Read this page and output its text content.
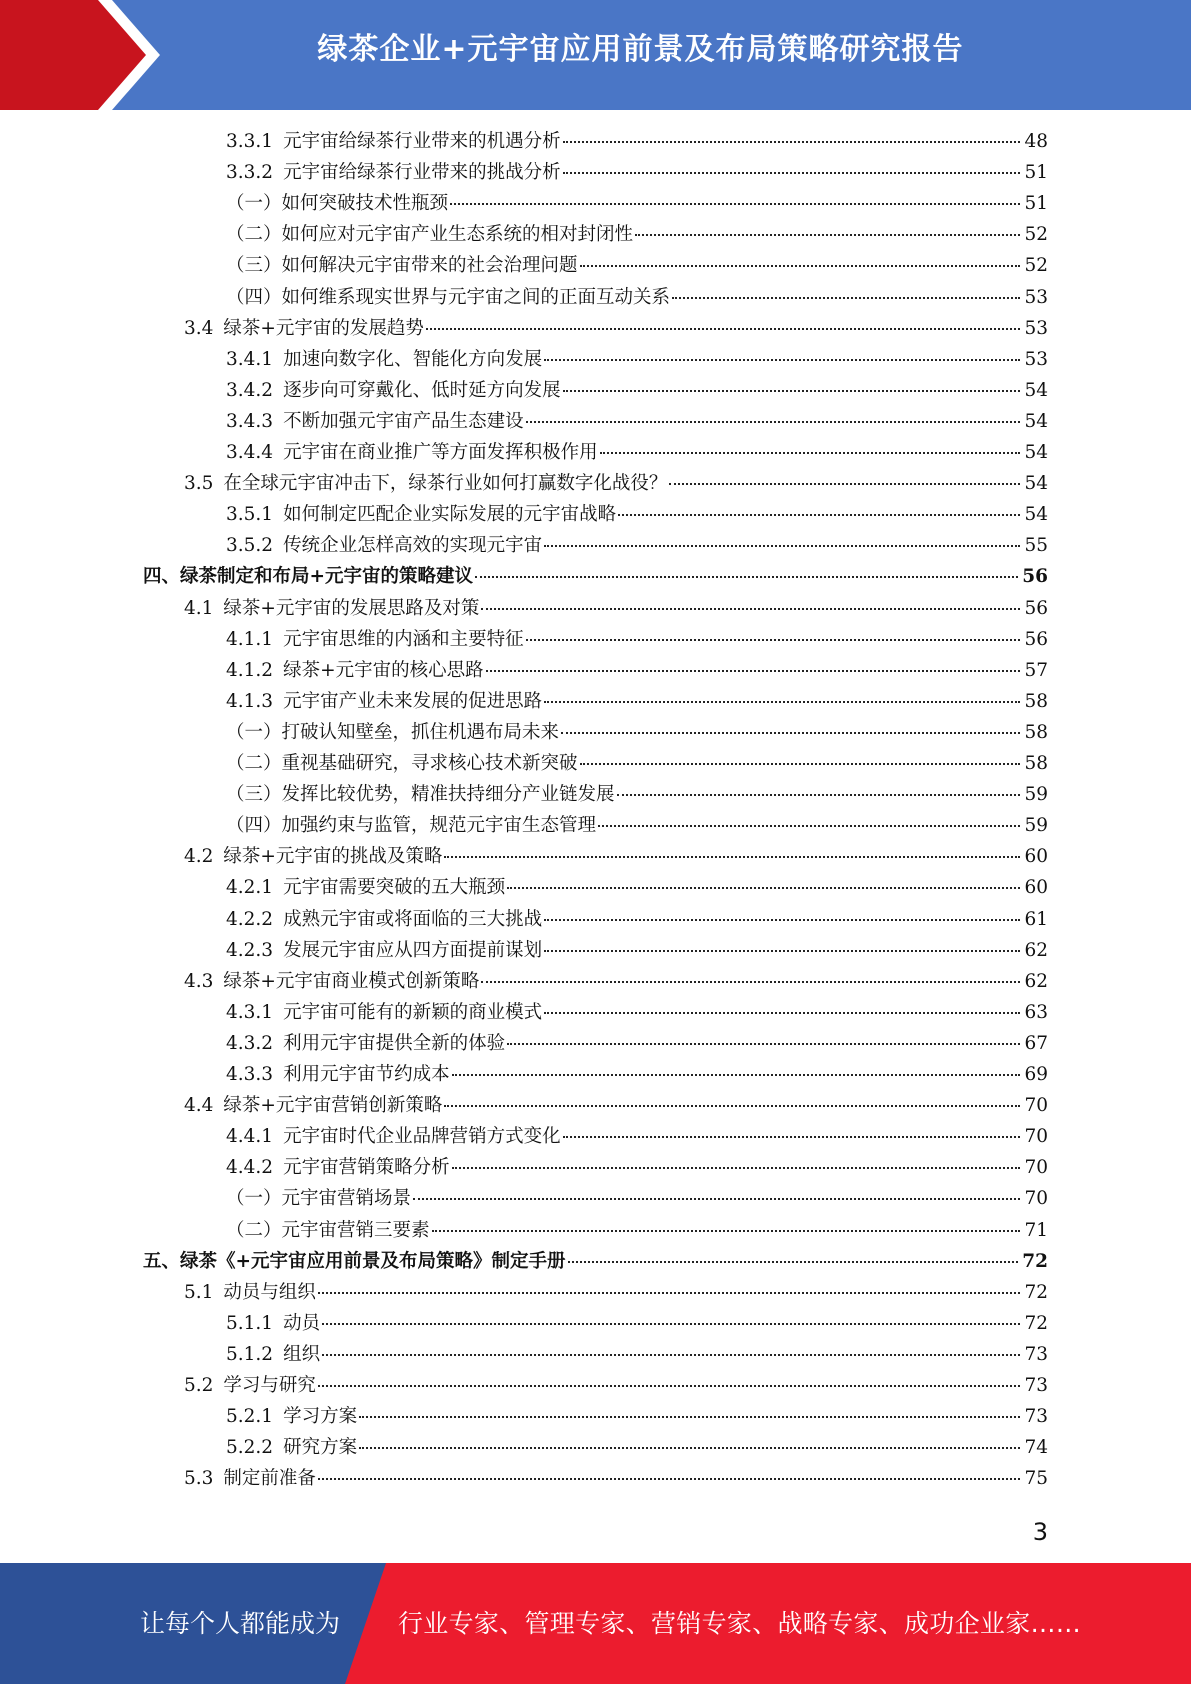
绿茶企业+元宇宙应用前景及布局策略研究报告
3.3.1 元宇宙给绿茶行业带来的机遇分析	48
3.3.2 元宇宙给绿茶行业带来的挑战分析	51
（一）如何突破技术性瓶颈	51
（二）如何应对元宇宙产业生态系统的相对封闭性	52
（三）如何解决元宇宙带来的社会治理问题	52
（四）如何维系现实世界与元宇宙之间的正面互动关系	53
3.4 绿茶+元宇宙的发展趋势	53
3.4.1 加速向数字化、智能化方向发展	53
3.4.2 逐步向可穿戴化、低时延方向发展	54
3.4.3 不断加强元宇宙产品生态建设	54
3.4.4 元宇宙在商业推广等方面发挥积极作用	54
3.5 在全球元宇宙冲击下，绿茶行业如何打赢数字化战役？	54
3.5.1 如何制定匹配企业实际发展的元宇宙战略	54
3.5.2 传统企业怎样高效的实现元宇宙	55
四、绿茶制定和布局+元宇宙的策略建议	56
4.1 绿茶+元宇宙的发展思路及对策	56
4.1.1 元宇宙思维的内涵和主要特征	56
4.1.2 绿茶+元宇宙的核心思路	57
4.1.3 元宇宙产业未来发展的促进思路	58
（一）打破认知壁垒，抓住机遇布局未来	58
（二）重视基础研究，寻求核心技术新突破	58
（三）发挥比较优势，精准扶持细分产业链发展	59
（四）加强约束与监管，规范元宇宙生态管理	59
4.2 绿茶+元宇宙的挑战及策略	60
4.2.1 元宇宙需要突破的五大瓶颈	60
4.2.2 成熟元宇宙或将面临的三大挑战	61
4.2.3 发展元宇宙应从四方面提前谋划	62
4.3 绿茶+元宇宙商业模式创新策略	62
4.3.1 元宇宙可能有的新颖的商业模式	63
4.3.2 利用元宇宙提供全新的体验	67
4.3.3 利用元宇宙节约成本	69
4.4 绿茶+元宇宙营销创新策略	70
4.4.1 元宇宙时代企业品牌营销方式变化	70
4.4.2 元宇宙营销策略分析	70
（一）元宇宙营销场景	70
（二）元宇宙营销三要素	71
五、绿茶《+元宇宙应用前景及布局策略》制定手册	72
5.1 动员与组织	72
5.1.1 动员	72
5.1.2 组织	73
5.2 学习与研究	73
5.2.1 学习方案	73
5.2.2 研究方案	74
5.3 制定前准备	75
3
让每个人都能成为 行业专家、管理专家、营销专家、战略专家、成功企业家……
